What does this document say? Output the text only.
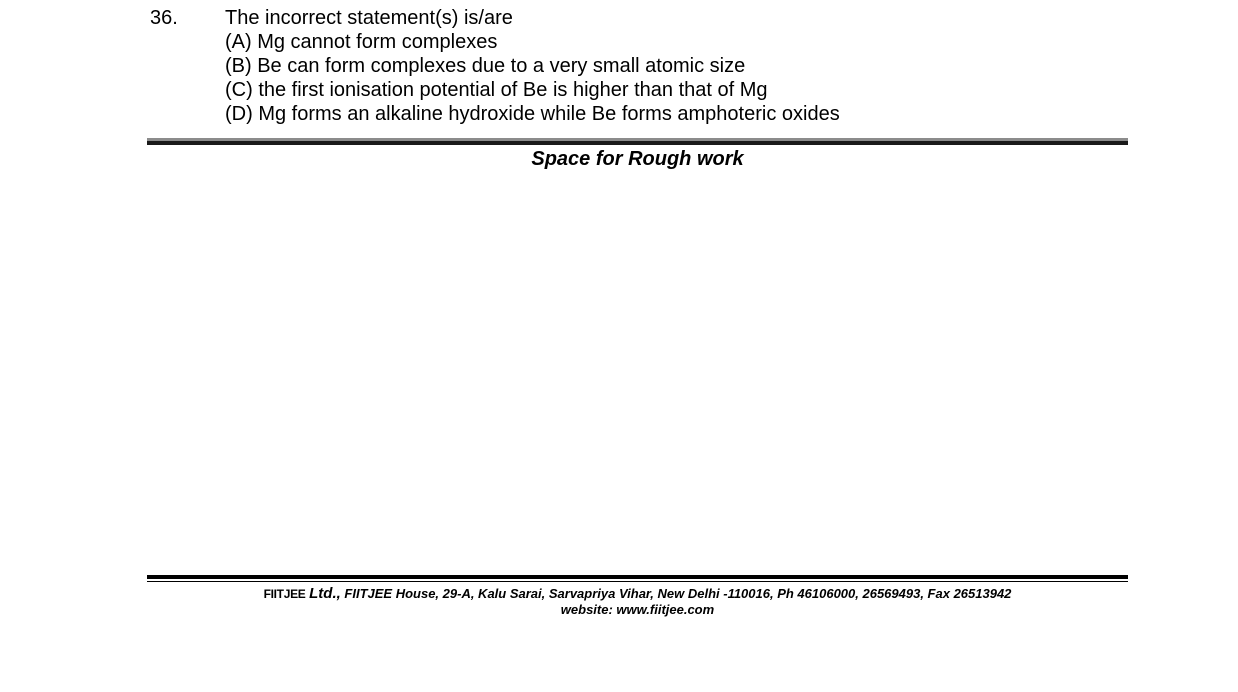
36. The incorrect statement(s) is/are
(A) Mg cannot form complexes
(B) Be can form complexes due to a very small atomic size
(C) the first ionisation potential of Be is higher than that of Mg
(D) Mg forms an alkaline hydroxide while Be forms amphoteric oxides
Space for Rough work
FIITJEE Ltd., FIITJEE House, 29-A, Kalu Sarai, Sarvapriya Vihar, New Delhi -110016, Ph 46106000, 26569493, Fax 26513942
website: www.fiitjee.com
